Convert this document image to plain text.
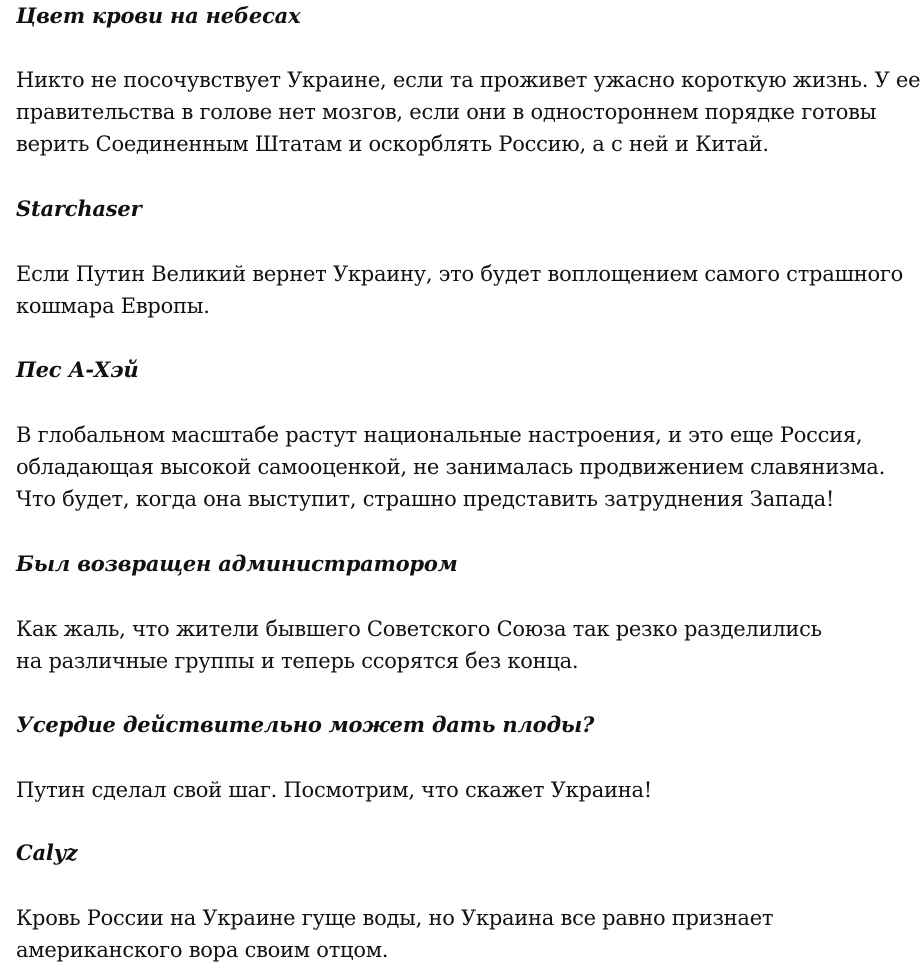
Цвет крови на небесах

Никто не посочувствует Украине, если та проживет ужасно короткую жизнь. У ее
правительства в голове нет мозгов, если они в одностороннем порядке готовы
верить Соединенным Штатам и оскорблять Россию, а с ней и Китай.

Starchaser

Если Путин Великий вернет Украину, это будет воплощением самого страшного
кошмара Европы.

Пес А-Хэй

В глобальном масштабе растут национальные настроения, и это еще Россия,
обладающая высокой самооценкой, не занималась продвижением славянизма.
Что будет, когда она выступит, страшно представить затруднения Запада!

Был возвращен администратором

Как жаль, что жители бывшего Советского Союза так резко разделились
на различные группы и теперь ссорятся без конца.

Усердие действительно может дать плоды?

Путин сделал свой шаг. Посмотрим, что скажет Украина!

Calyz

Кровь России на Украине гуще воды, но Украина все равно признает
американского вора своим отцом.
